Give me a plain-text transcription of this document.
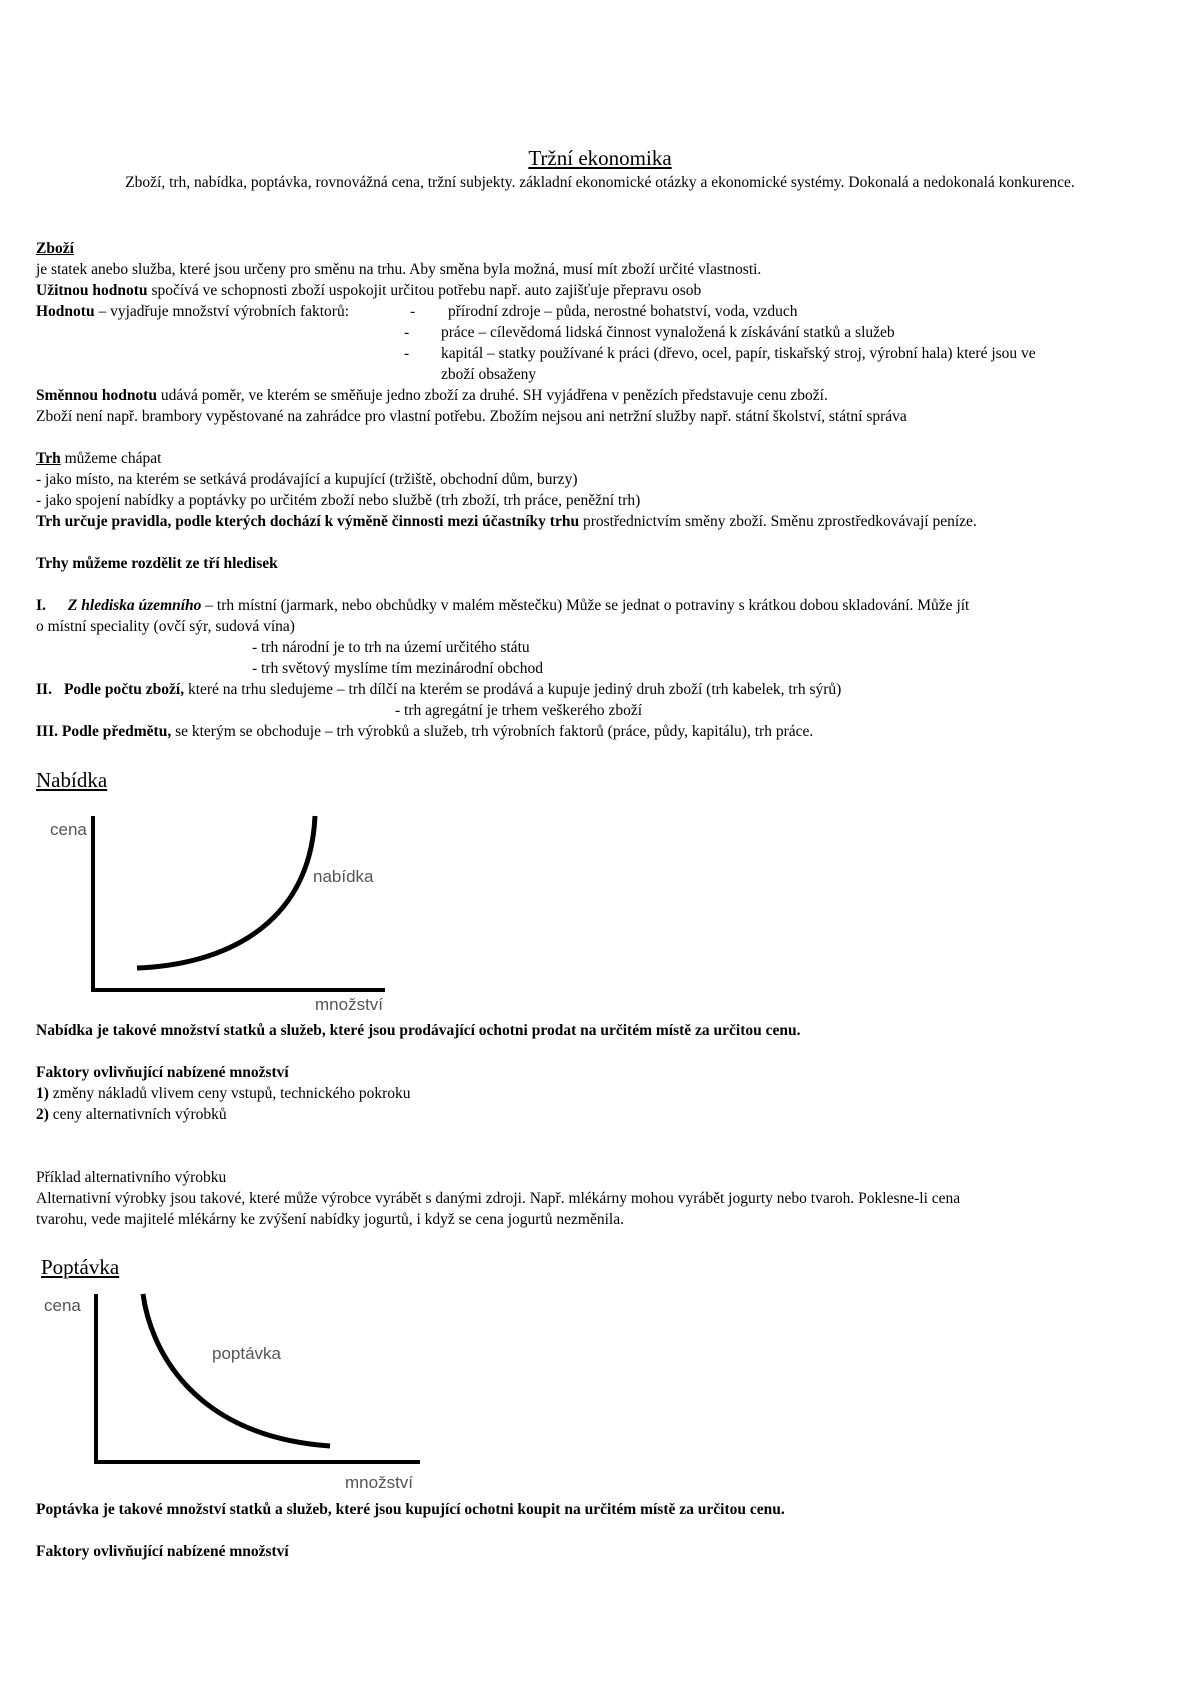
Tržní ekonomika
Zboží, trh, nabídka, poptávka, rovnovážná cena, tržní subjekty. základní ekonomické otázky a ekonomické systémy. Dokonalá a nedokonalá konkurence.
Zboží
je statek anebo služba, které jsou určeny pro směnu na trhu. Aby směna byla možná, musí mít zboží určité vlastnosti.
Užitnou hodnotu spočívá ve schopnosti zboží uspokojit určitou potřebu např. auto zajišťuje přepravu osob
Hodnotu – vyjadřuje množství výrobních faktorů:	- přírodní zdroje – půda, nerostné bohatství, voda, vzduch
- práce – cílevědomá lidská činnost vynaložená k získávání statků a služeb
- kapitál – statky používané k práci (dřevo, ocel, papír, tiskařský stroj, výrobní hala) které jsou ve
zboží obsaženy
Směnnou hodnotu udává poměr, ve kterém se směňuje jedno zboží za druhé. SH vyjádřena v penězích představuje cenu zboží.
Zboží není např. brambory vypěstované na zahrádce pro vlastní potřebu. Zbožím nejsou ani netržní služby např. státní školství, státní správa
Trh můžeme chápat
- jako místo, na kterém se setkává prodávající a kupující (tržiště, obchodní dům, burzy)
- jako spojení nabídky a poptávky po určitém zboží nebo službě (trh zboží, trh práce, peněžní trh)
Trh určuje pravidla, podle kterých dochází k výměně činnosti mezi účastníky trhu prostřednictvím směny zboží. Směnu zprostředkovávají peníze.
Trhy můžeme rozdělit ze tří hledisek
I. Z hlediska územního – trh místní (jarmark, nebo obchůdky v malém městečku) Může se jednat o potraviny s krátkou dobou skladování. Může jít
o místní speciality (ovčí sýr, sudová vína)
- trh národní je to trh na území určitého státu
- trh světový myslíme tím mezinárodní obchod
II. Podle počtu zboží, které na trhu sledujeme – trh dílčí na kterém se prodává a kupuje jediný druh zboží (trh kabelek, trh sýrů)
- trh agregátní je trhem veškerého zboží
III. Podle předmětu, se kterým se obchoduje – trh výrobků a služeb, trh výrobních faktorů (práce, půdy, kapitálu), trh práce.
Nabídka
cena
množství
nabídka
Nabídka je takové množství statků a služeb, které jsou prodávající ochotni prodat na určitém místě za určitou cenu.
Faktory ovlivňující nabízené množství
1) změny nákladů vlivem ceny vstupů, technického pokroku
2) ceny alternativních výrobků
Příklad alternativního výrobku
Alternativní výrobky jsou takové, které může výrobce vyrábět s danými zdroji. Např. mlékárny mohou vyrábět jogurty nebo tvaroh. Poklesne-li cena
tvarohu, vede majitelé mlékárny ke zvýšení nabídky jogurtů, i když se cena jogurtů nezměnila.
Poptávka
cena
množství
poptávka
Poptávka je takové množství statků a služeb, které jsou kupující ochotni koupit na určitém místě za určitou cenu.
Faktory ovlivňující nabízené množství
